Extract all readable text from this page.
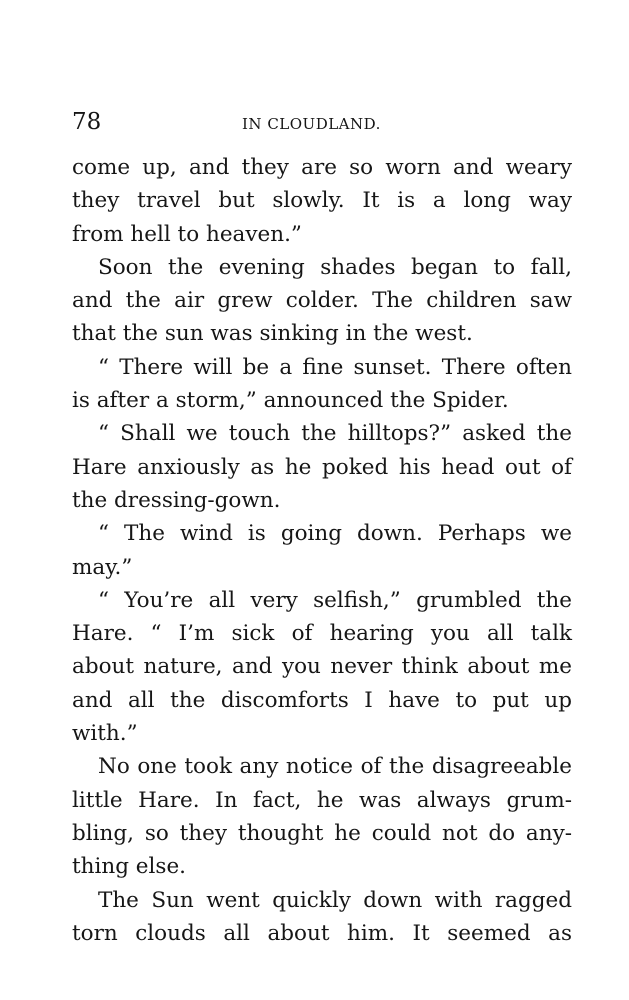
78	IN CLOUDLAND.
come up, and they are so worn and weary
they travel but slowly. It is a long way
from hell to heaven.”
Soon the evening shades began to fall,
and the air grew colder. The children saw
that the sun was sinking in the west.
“ There will be a fine sunset. There often
is after a storm,” announced the Spider.
“ Shall we touch the hilltops?” asked the
Hare anxiously as he poked his head out of
the dressing-gown.
“ The wind is going down. Perhaps we
may.”
“ You’re all very selfish,” grumbled the
Hare. “ I’m sick of hearing you all talk
about nature, and you never think about me
and all the discomforts I have to put up
with.”
No one took any notice of the disagreeable
little Hare. In fact, he was always grum-
bling, so they thought he could not do any-
thing else.
The Sun went quickly down with ragged
torn clouds all about him. It seemed as
